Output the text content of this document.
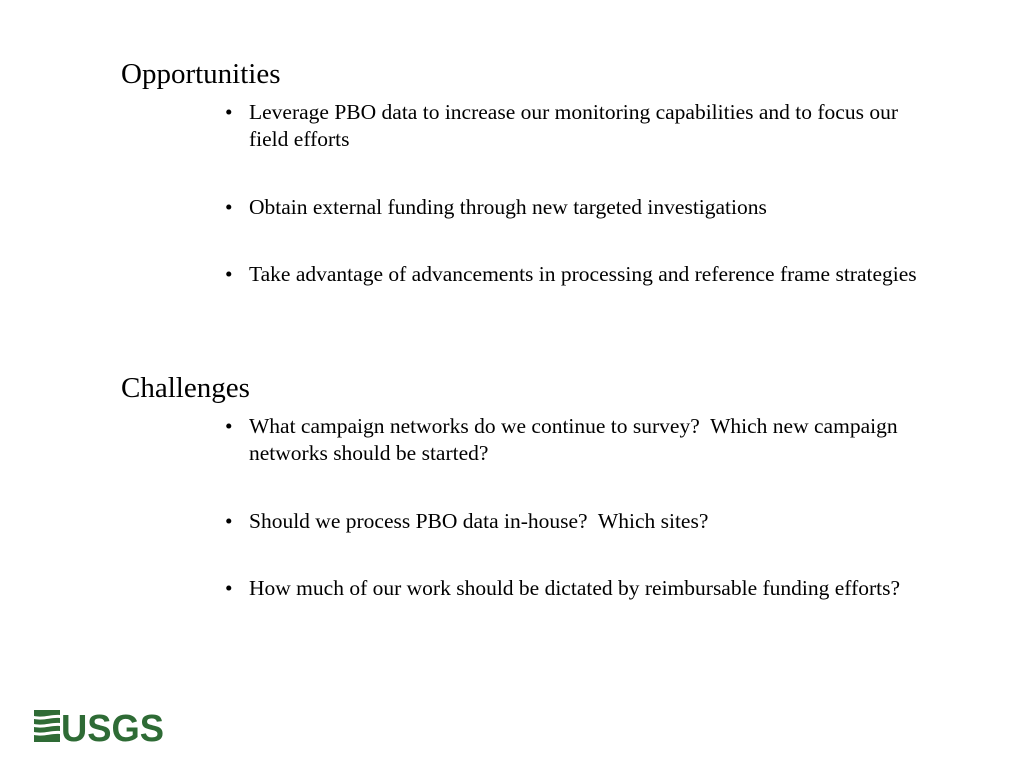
Opportunities
• Leverage PBO data to increase our monitoring capabilities and to focus our field efforts
• Obtain external funding through new targeted investigations
• Take advantage of advancements in processing and reference frame strategies
Challenges
• What campaign networks do we continue to survey?  Which new campaign networks should be started?
• Should we process PBO data in-house?  Which sites?
• How much of our work should be dictated by reimbursable funding efforts?
USGS
